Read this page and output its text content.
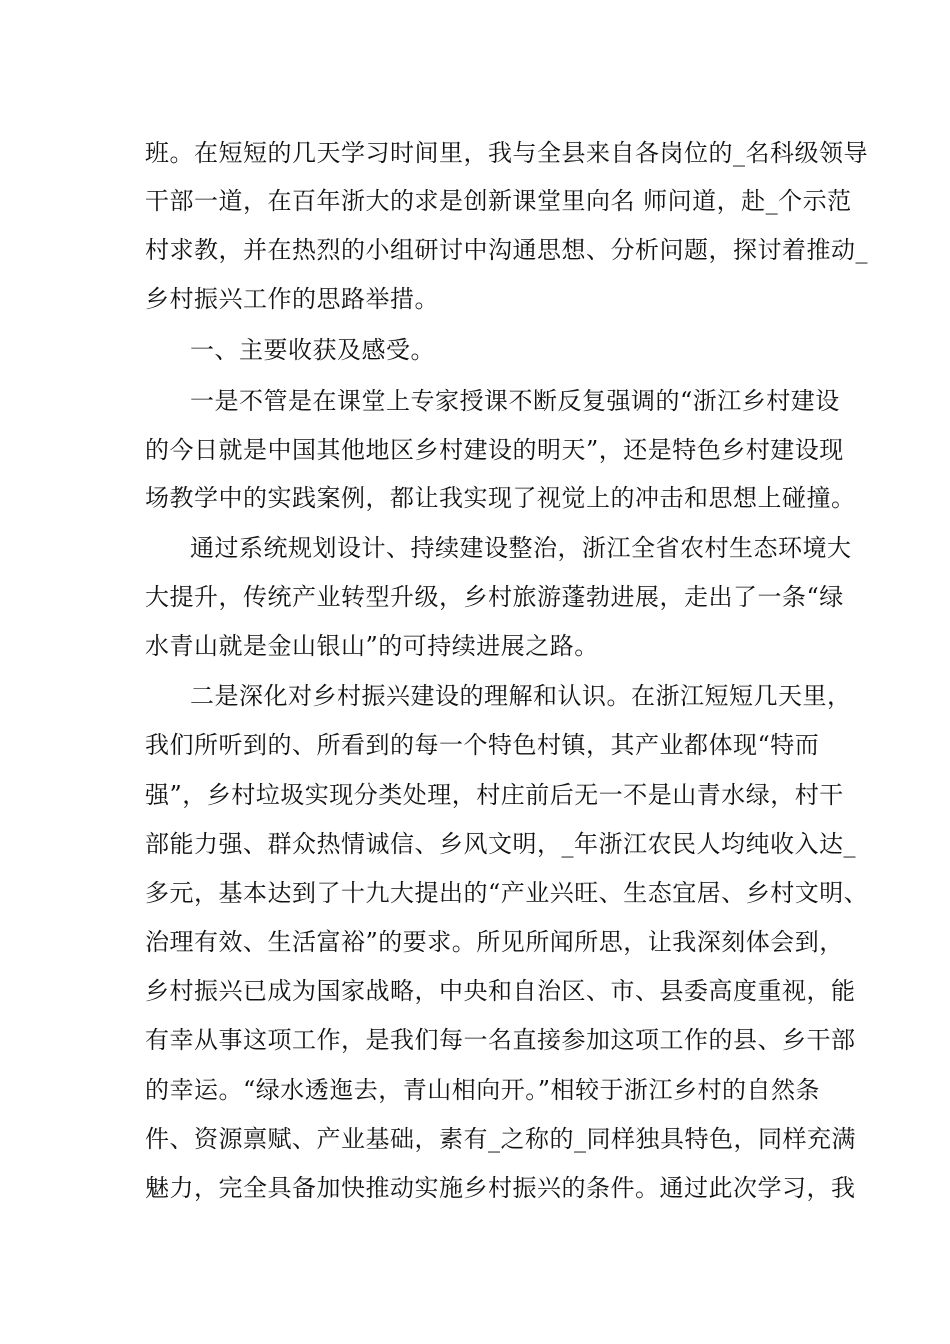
班。在短短的几天学习时间里，我与全县来自各岗位的_名科级领导
干部一道，在百年浙大的求是创新课堂里向名 师问道，赴_个示范
村求教，并在热烈的小组研讨中沟通思想、分析问题，探讨着推动_
乡村振兴工作的思路举措。
一、主要收获及感受。
一是不管是在课堂上专家授课不断反复强调的“浙江乡村建设
的今日就是中国其他地区乡村建设的明天”，还是特色乡村建设现
场教学中的实践案例，都让我实现了视觉上的冲击和思想上碰撞。
通过系统规划设计、持续建设整治，浙江全省农村生态环境大
大提升，传统产业转型升级，乡村旅游蓬勃进展，走出了一条“绿
水青山就是金山银山”的可持续进展之路。
二是深化对乡村振兴建设的理解和认识。在浙江短短几天里，
我们所听到的、所看到的每一个特色村镇，其产业都体现“特而
强”，乡村垃圾实现分类处理，村庄前后无一不是山青水绿，村干
部能力强、群众热情诚信、乡风文明，_年浙江农民人均纯收入达_
多元，基本达到了十九大提出的“产业兴旺、生态宜居、乡村文明、
治理有效、生活富裕”的要求。所见所闻所思，让我深刻体会到，
乡村振兴已成为国家战略，中央和自治区、市、县委高度重视，能
有幸从事这项工作，是我们每一名直接参加这项工作的县、乡干部
的幸运。“绿水透迤去，青山相向开。”相较于浙江乡村的自然条
件、资源禀赋、产业基础，素有_之称的_同样独具特色，同样充满
魅力，完全具备加快推动实施乡村振兴的条件。通过此次学习，我
